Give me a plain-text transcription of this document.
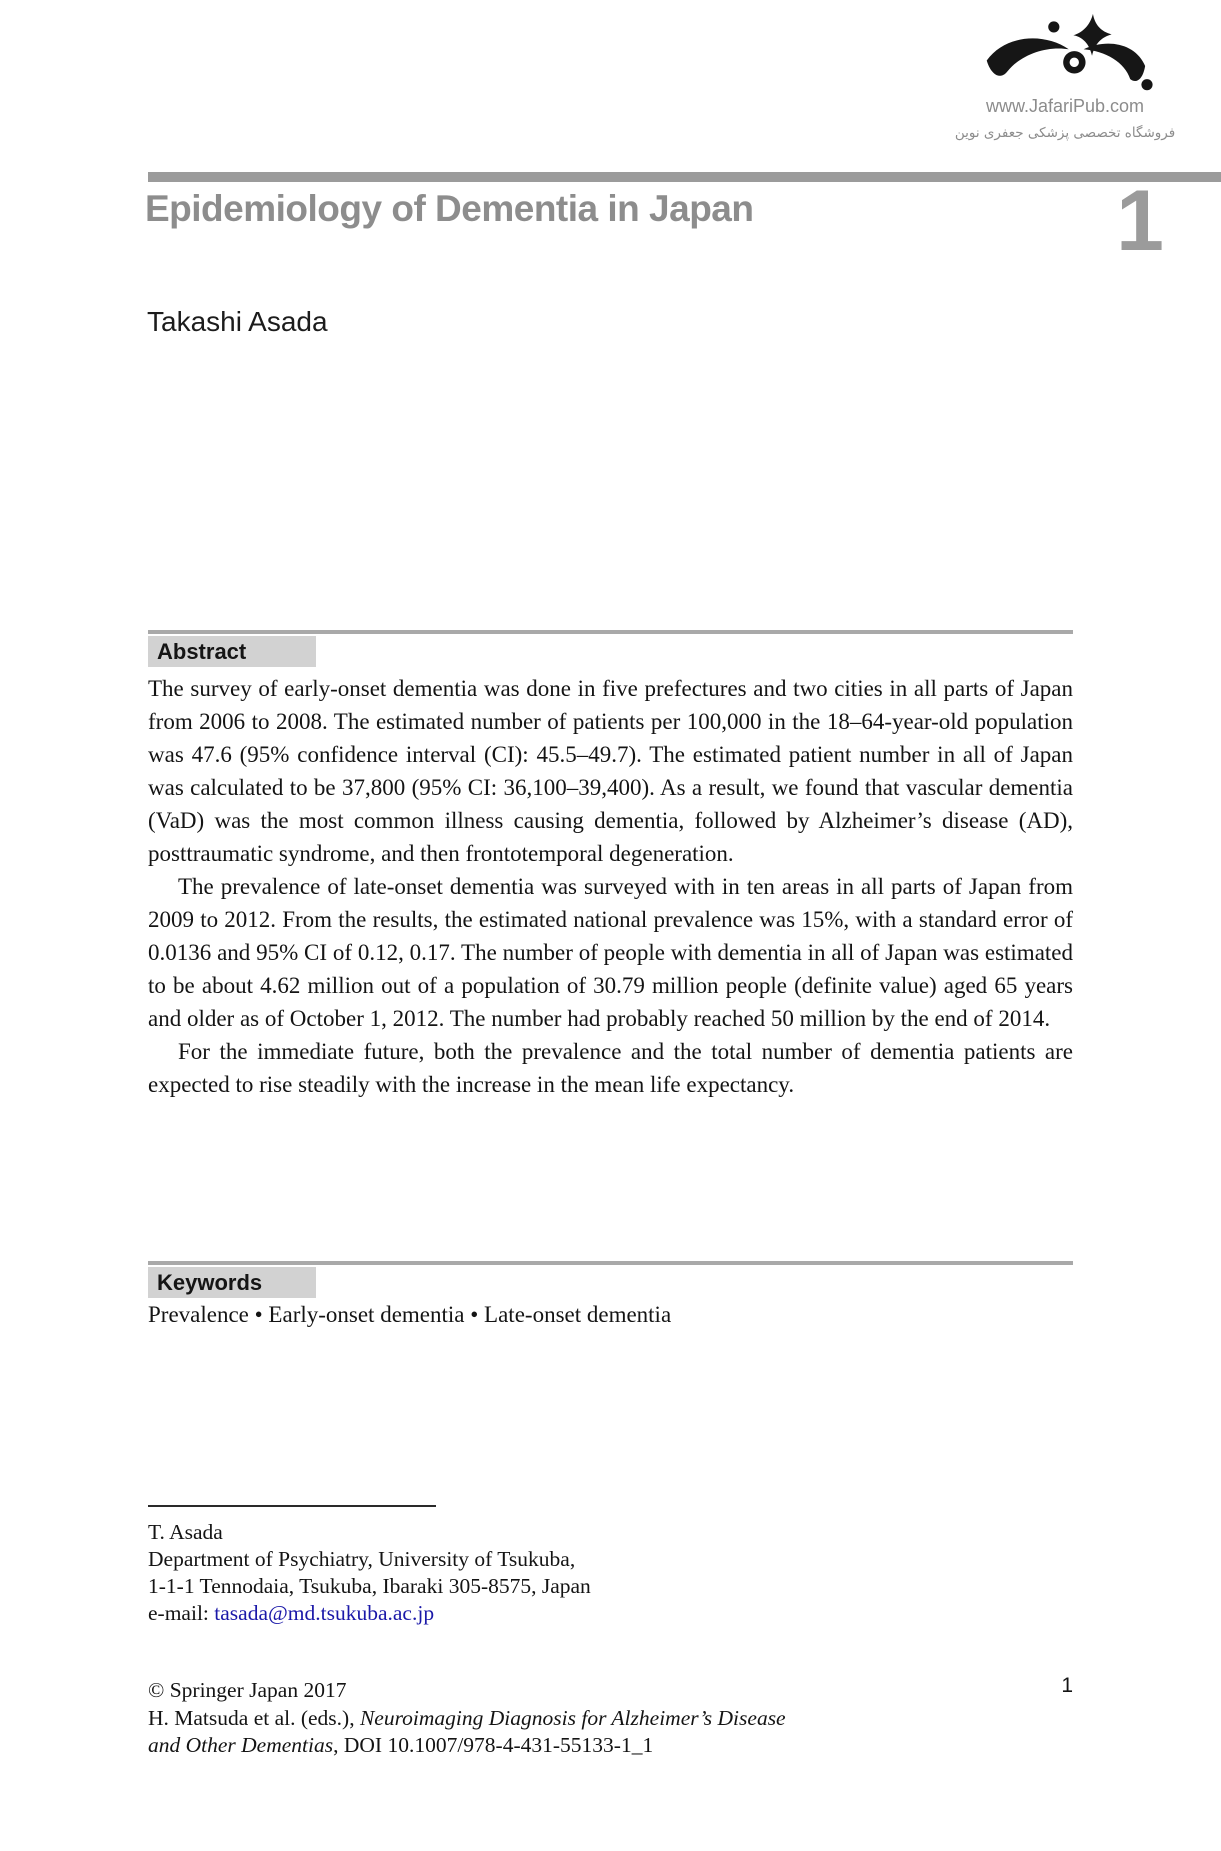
www.JafariPub.com
فروشگاه تخصصی پزشکی جعفری نوین
Epidemiology of Dementia in Japan	1
Takashi Asada
Abstract

The survey of early-onset dementia was done in five prefectures and two cities in all parts of Japan from 2006 to 2008. The estimated number of patients per 100,000 in the 18–64-year-old population was 47.6 (95% confidence interval (CI): 45.5–49.7). The estimated patient number in all of Japan was calculated to be 37,800 (95% CI: 36,100–39,400). As a result, we found that vascular dementia (VaD) was the most common illness causing dementia, followed by Alzheimer’s disease (AD), posttraumatic syndrome, and then frontotemporal degeneration.

The prevalence of late-onset dementia was surveyed with in ten areas in all parts of Japan from 2009 to 2012. From the results, the estimated national prevalence was 15%, with a standard error of 0.0136 and 95% CI of 0.12, 0.17. The number of people with dementia in all of Japan was estimated to be about 4.62 million out of a population of 30.79 million people (definite value) aged 65 years and older as of October 1, 2012. The number had probably reached 50 million by the end of 2014.

For the immediate future, both the prevalence and the total number of dementia patients are expected to rise steadily with the increase in the mean life expectancy.

Keywords
Prevalence • Early-onset dementia • Late-onset dementia
T. Asada
Department of Psychiatry, University of Tsukuba,
1-1-1 Tennodaia, Tsukuba, Ibaraki 305-8575, Japan
e-mail: tasada@md.tsukuba.ac.jp
© Springer Japan 2017
H. Matsuda et al. (eds.), Neuroimaging Diagnosis for Alzheimer’s Disease
and Other Dementias, DOI 10.1007/978-4-431-55133-1_1
1
